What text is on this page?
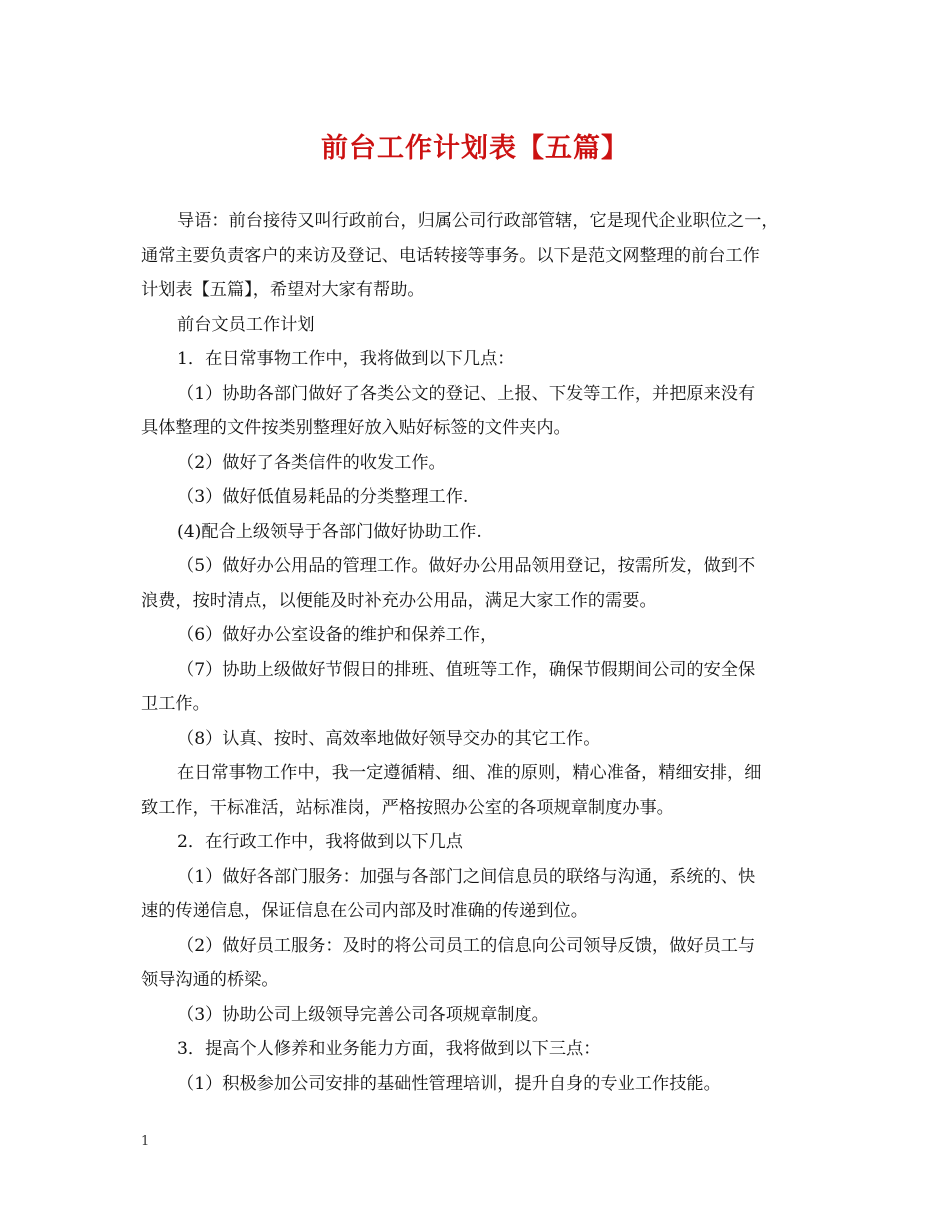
前台工作计划表【五篇】

导语：前台接待又叫行政前台，归属公司行政部管辖，它是现代企业职位之一，

通常主要负责客户的来访及登记、电话转接等事务。以下是范文网整理的前台工作

计划表【五篇】，希望对大家有帮助。

前台文员工作计划

1．在日常事物工作中，我将做到以下几点：

（1）协助各部门做好了各类公文的登记、上报、下发等工作，并把原来没有

具体整理的文件按类别整理好放入贴好标签的文件夹内。

（2）做好了各类信件的收发工作。

（3）做好低值易耗品的分类整理工作.

(4)配合上级领导于各部门做好协助工作.

（5）做好办公用品的管理工作。做好办公用品领用登记，按需所发，做到不

浪费，按时清点，以便能及时补充办公用品，满足大家工作的需要。

（6）做好办公室设备的维护和保养工作，

（7）协助上级做好节假日的排班、值班等工作，确保节假期间公司的安全保

卫工作。

（8）认真、按时、高效率地做好领导交办的其它工作。

在日常事物工作中，我一定遵循精、细、准的原则，精心准备，精细安排，细

致工作，干标准活，站标准岗，严格按照办公室的各项规章制度办事。

2．在行政工作中，我将做到以下几点

（1）做好各部门服务：加强与各部门之间信息员的联络与沟通，系统的、快

速的传递信息，保证信息在公司内部及时准确的传递到位。

（2）做好员工服务：及时的将公司员工的信息向公司领导反馈，做好员工与

领导沟通的桥梁。

（3）协助公司上级领导完善公司各项规章制度。

3．提高个人修养和业务能力方面，我将做到以下三点：

（1）积极参加公司安排的基础性管理培训，提升自身的专业工作技能。

1
